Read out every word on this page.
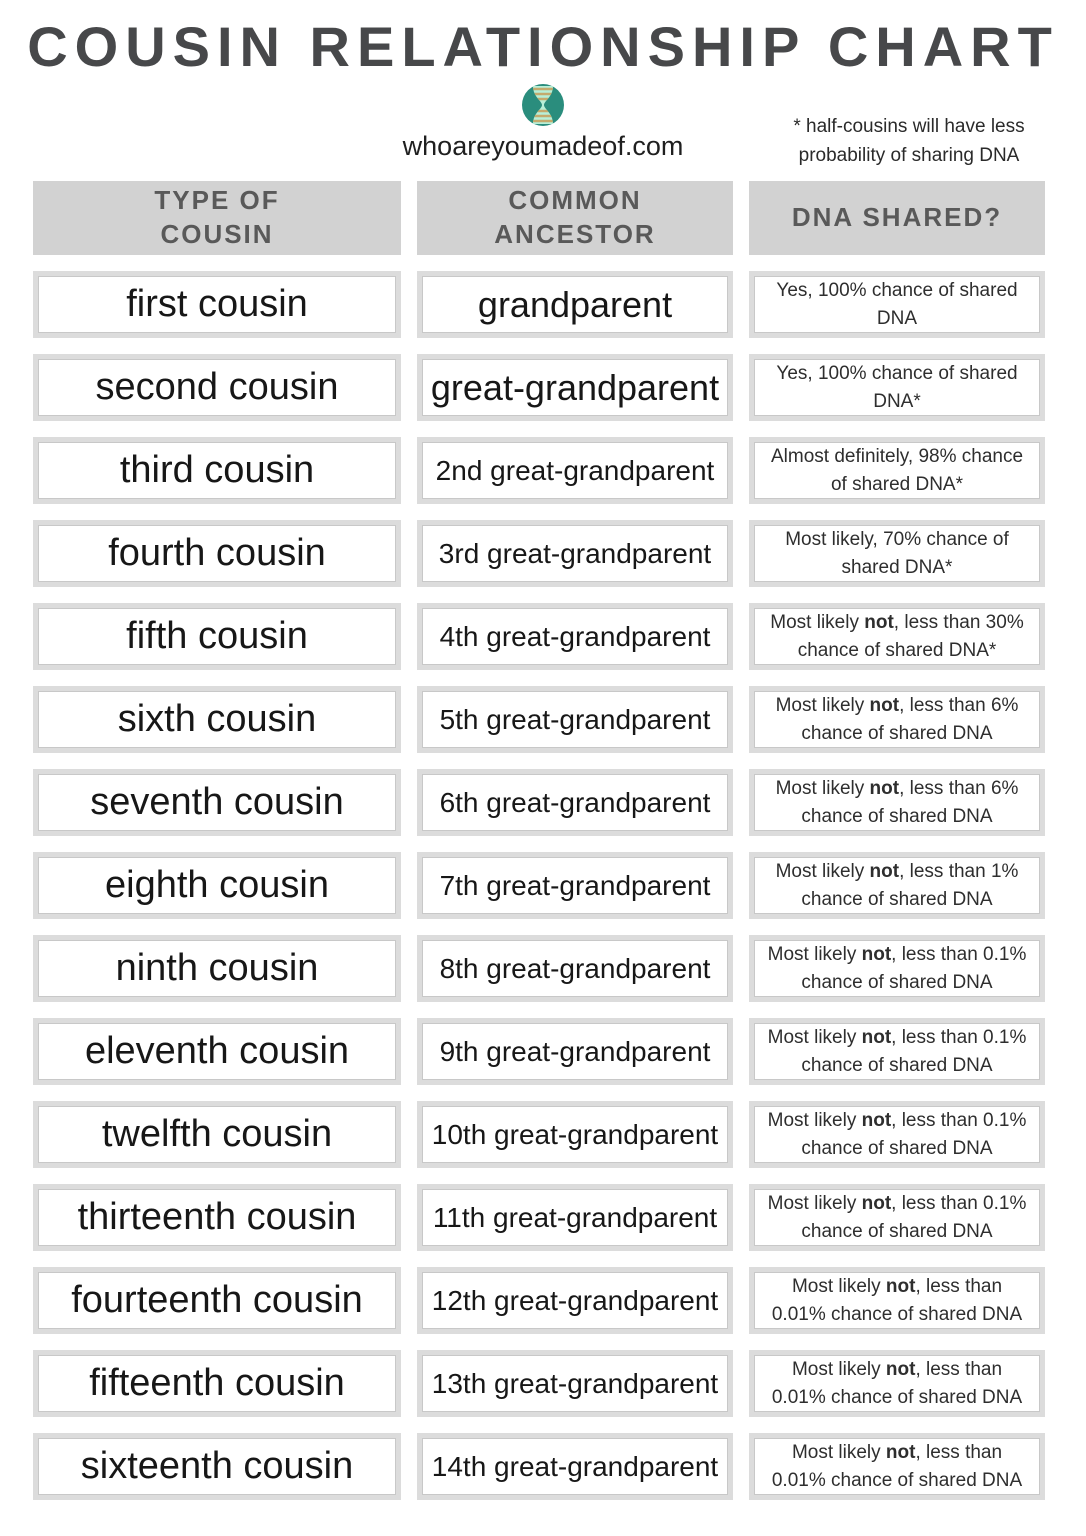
COUSIN RELATIONSHIP CHART
whoareyoumadeof.com
* half-cousins will have less
probability of sharing DNA
TYPE OF COUSIN
COMMON ANCESTOR
DNA SHARED?
first cousin	grandparent	Yes, 100% chance of shared
DNA
second cousin	great-grandparent	Yes, 100% chance of shared
DNA*
third cousin	2nd great-grandparent	Almost definitely, 98% chance
of shared DNA*
fourth cousin	3rd great-grandparent	Most likely, 70% chance of
shared DNA*
fifth cousin	4th great-grandparent	Most likely not, less than 30%
chance of shared DNA*
sixth cousin	5th great-grandparent	Most likely not, less than 6%
chance of shared DNA
seventh cousin	6th great-grandparent	Most likely not, less than 6%
chance of shared DNA
eighth cousin	7th great-grandparent	Most likely not, less than 1%
chance of shared DNA
ninth cousin	8th great-grandparent	Most likely not, less than 0.1%
chance of shared DNA
eleventh cousin	9th great-grandparent	Most likely not, less than 0.1%
chance of shared DNA
twelfth cousin	10th great-grandparent	Most likely not, less than 0.1%
chance of shared DNA
thirteenth cousin	11th great-grandparent	Most likely not, less than 0.1%
chance of shared DNA
fourteenth cousin 12th great-grandparent	Most likely not, less than
0.01% chance of shared DNA
fifteenth cousin	13th great-grandparent	Most likely not, less than
0.01% chance of shared DNA
sixteenth cousin	14th great-grandparent	Most likely not, less than
0.01% chance of shared DNA
